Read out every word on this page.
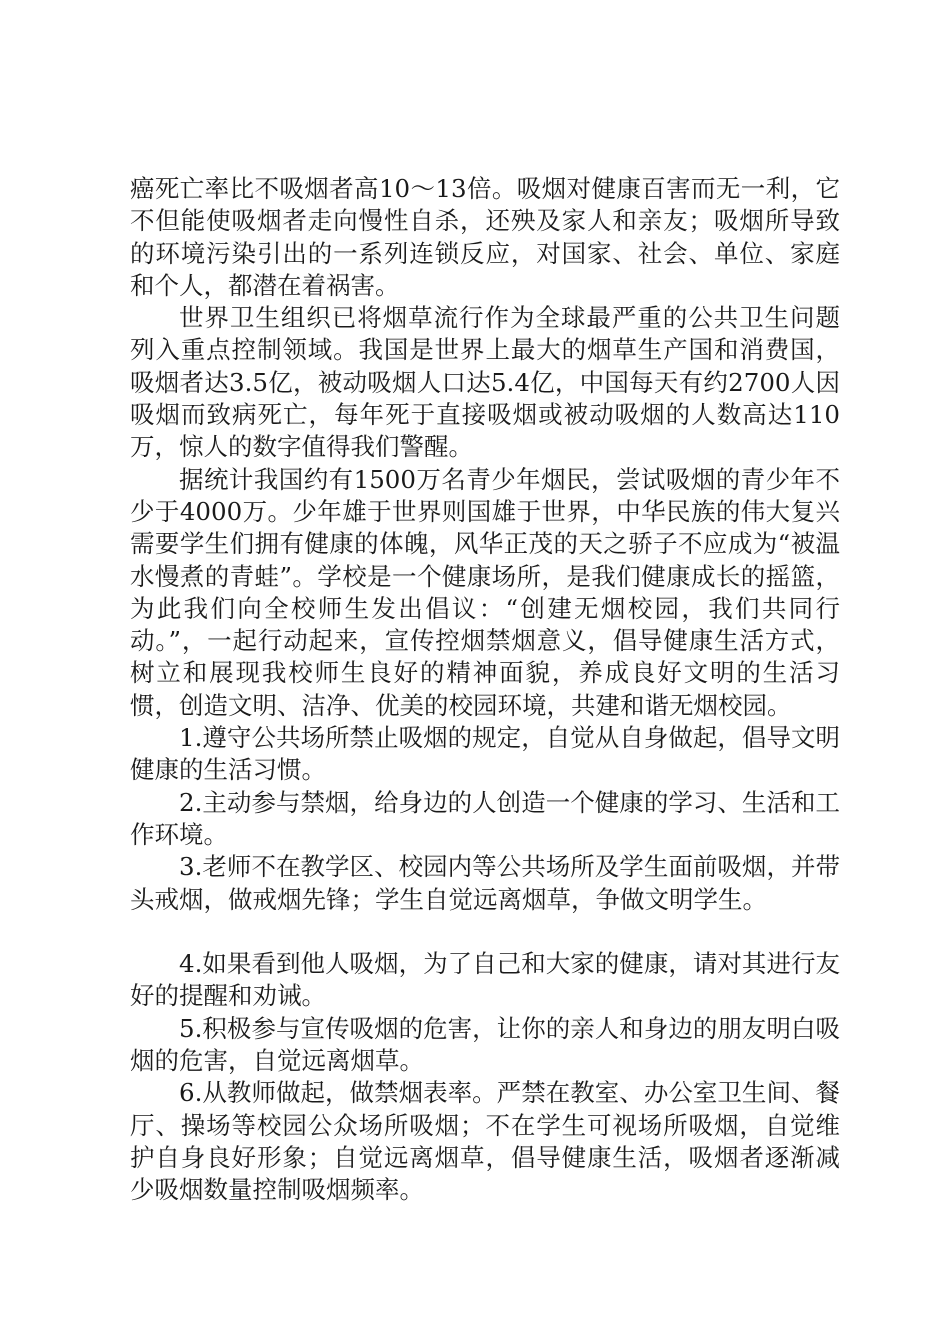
癌死亡率比不吸烟者高10～13倍。吸烟对健康百害而无一利，它不但能使吸烟者走向慢性自杀，还殃及家人和亲友；吸烟所导致的环境污染引出的一系列连锁反应，对国家、社会、单位、家庭和个人，都潜在着祸害。

世界卫生组织已将烟草流行作为全球最严重的公共卫生问题列入重点控制领域。我国是世界上最大的烟草生产国和消费国，吸烟者达3.5亿，被动吸烟人口达5.4亿，中国每天有约2700人因吸烟而致病死亡，每年死于直接吸烟或被动吸烟的人数高达110万，惊人的数字值得我们警醒。

据统计我国约有1500万名青少年烟民，尝试吸烟的青少年不少于4000万。少年雄于世界则国雄于世界，中华民族的伟大复兴需要学生们拥有健康的体魄，风华正茂的天之骄子不应成为“被温水慢煮的青蛙”。学校是一个健康场所，是我们健康成长的摇篮，为此我们向全校师生发出倡议：“创建无烟校园，我们共同行动。”，一起行动起来，宣传控烟禁烟意义，倡导健康生活方式，树立和展现我校师生良好的精神面貌，养成良好文明的生活习惯，创造文明、洁净、优美的校园环境，共建和谐无烟校园。

1.遵守公共场所禁止吸烟的规定，自觉从自身做起，倡导文明健康的生活习惯。

2.主动参与禁烟，给身边的人创造一个健康的学习、生活和工作环境。

3.老师不在教学区、校园内等公共场所及学生面前吸烟，并带头戒烟，做戒烟先锋；学生自觉远离烟草，争做文明学生。

4.如果看到他人吸烟，为了自己和大家的健康，请对其进行友好的提醒和劝诫。

5.积极参与宣传吸烟的危害，让你的亲人和身边的朋友明白吸烟的危害，自觉远离烟草。

6.从教师做起，做禁烟表率。严禁在教室、办公室卫生间、餐厅、操场等校园公众场所吸烟；不在学生可视场所吸烟，自觉维护自身良好形象；自觉远离烟草，倡导健康生活，吸烟者逐渐减少吸烟数量控制吸烟频率。
